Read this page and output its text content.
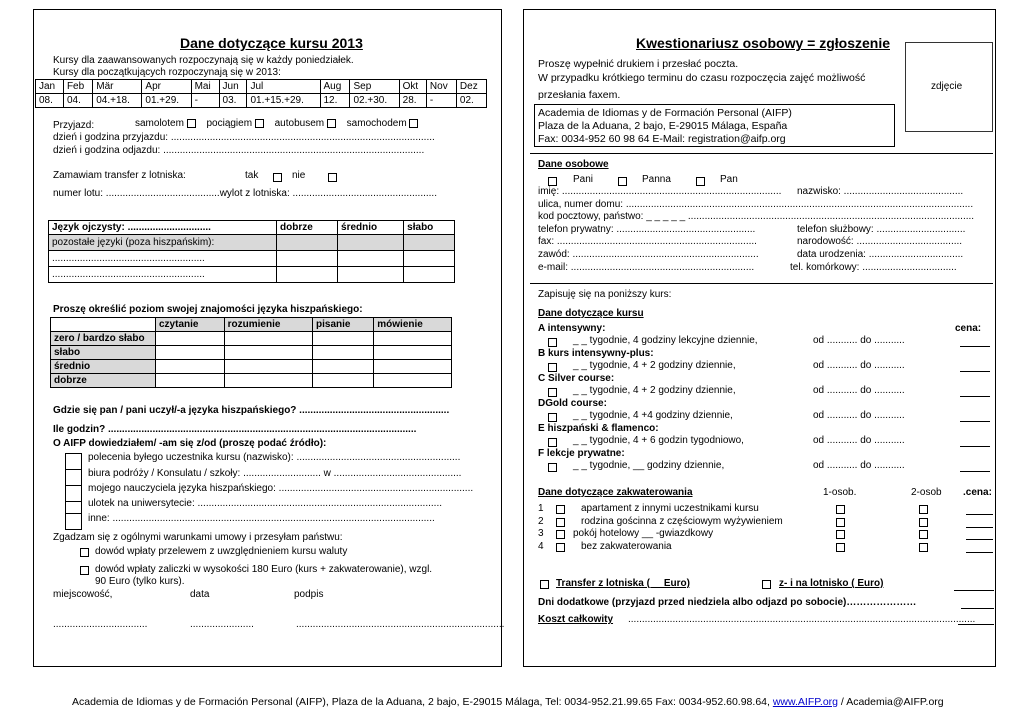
Dane dotyczące kursu 2013
Kursy dla zaawansowanych rozpoczynają się w każdy poniedziałek.
Kursy dla początkujących rozpoczynają się w 2013:
Jan	Feb	Mär	Apr	Mai	Jun	Jul	Aug	Sep	Okt	Nov	Dez
08.	04.	04.+18.	01.+29.	-	03.	01.+15.+29.	12.	02.+30.	28.	-	02.
Przyjazd:	samolotem pociągiem autobusem samochodem
dzień i godzina przyjazdu: ...............................................................................................
dzień i godzina odjazdu: ..............................................................................................
Zamawiam transfer z lotniska:	tak	nie
numer lotu: .........................................wylot z lotniska: ....................................................
Język ojczysty: ..............................	dobrze	średnio	słabo
pozostałe języki (poza hiszpańskim):			
.......................................................			
.......................................................			
Proszę określić poziom swojej znajomości języka hiszpańskiego:
	czytanie	rozumienie	pisanie	mówienie
zero / bardzo słabo				
słabo				
średnio				
dobrze				
Gdzie się pan / pani uczył/-a języka hiszpańskiego? ......................................................
Ile godzin? ...............................................................................................................
O AIFP dowiedziałem/ -am się z/od (proszę podać źródło):
polecenia byłego uczestnika kursu (nazwisko): ...........................................................
biura podróży / Konsulatu / szkoły: ............................ w ..............................................
mojego nauczyciela języka hiszpańskiego: ......................................................................
ulotek na uniwersytecie: ........................................................................................
inne: ....................................................................................................................
Zgadzam się z ogólnymi warunkami umowy i przesyłam państwu:
dowód wpłaty przelewem z uwzględnieniem kursu waluty
dowód wpłaty zaliczki w wysokości 180 Euro (kurs + zakwaterowanie), wzgl.
90 Euro (tylko kurs).
miejscowość,	data	podpis
..................................	.......................	...........................................................................
Kwestionariusz osobowy = zgłoszenie
zdjęcie
Proszę wypełnić drukiem i przesłać poczta.
W przypadku krótkiego terminu do czasu rozpoczęcia zajęć możliwość
przesłania faxem.
Academia de Idiomas y de Formación Personal (AIFP)
Plaza de la Aduana, 2 bajo, E-29015 Málaga, España
Fax: 0034-952 60 98 64 E-Mail: registration@aifp.org
Dane osobowe
Pani	Panna	Pan
imię: ............................................................................... nazwisko: ...........................................
ulica, numer domu: .............................................................................................................................
kod pocztowy, państwo: _ _ _ _ _ .......................................................................................................
telefon prywatny: ..................................................	telefon służbowy: ................................
fax: ........................................................................	narodowość: ......................................
zawód: ...................................................................	data urodzenia: ..................................
e-mail: ..................................................................	tel. komórkowy: ..................................
Zapisuję się na poniższy kurs:
Dane dotyczące kursu
cena:
A intensywny:
_ _ tygodnie, 4 godziny lekcyjne dziennie,	od ........... do ...........
B kurs intensywny-plus:
_ _ tygodnie, 4 + 2 godziny dziennie,	od ........... do ...........
C Silver course:
_ _ tygodnie, 4 + 2 godziny dziennie,	od ........... do ...........
DGold course:
_ _ tygodnie, 4 +4 godziny dziennie,	od ........... do ...........
E hiszpański & flamenco:
_ _ tygodnie, 4 + 6 godzin tygodniowo,	od ........... do ...........
F lekcje prywatne:
_ _ tygodnie, __ godziny dziennie,	od ........... do ...........
Dane dotyczące zakwaterowania	1-osob.	2-osob .cena:
1	apartament z innymi uczestnikami kursu
2	rodzina gościnna z częściowym wyżywieniem
3	pokój hotelowy __ -gwiazdkowy
4	bez zakwaterowania
Transfer z lotniska (__ Euro)	z- i na lotnisko ( Euro)
Dni dodatkowe (przyjazd przed niedziela albo odjazd po sobocie)…………………
Koszt całkowity .............................................................................................................................
Academia de Idiomas y de Formación Personal (AIFP), Plaza de la Aduana, 2 bajo, E-29015 Málaga, Tel: 0034-952.21.99.65 Fax: 0034-952.60.98.64, www.AIFP.org / Academia@AIFP.org
